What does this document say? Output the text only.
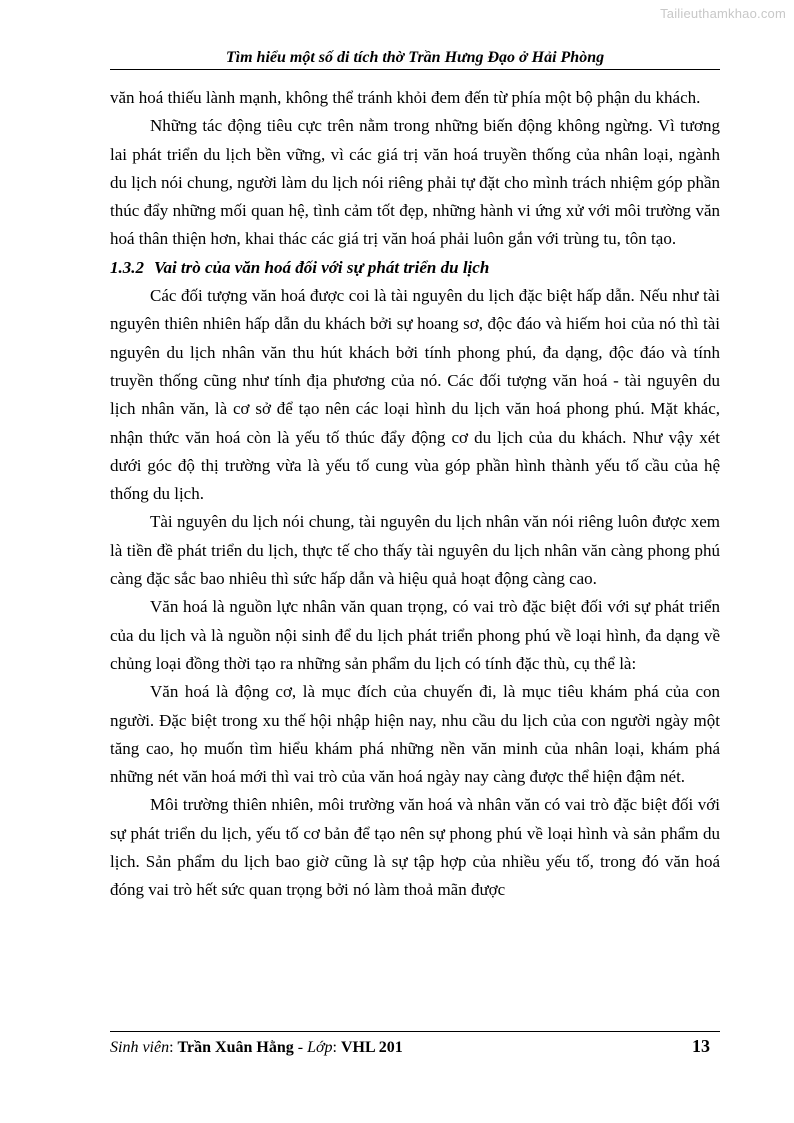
Tailieuthamkhao.com
Tìm hiểu một số di tích thờ Trần Hưng Đạo ở Hải Phòng

văn hoá thiếu lành mạnh, không thể tránh khỏi đem đến từ phía một bộ phận du khách.

Những tác động tiêu cực trên nằm trong những biến động không ngừng. Vì tương lai phát triển du lịch bền vững, vì các giá trị văn hoá truyền thống của nhân loại, ngành du lịch nói chung, người làm du lịch nói riêng phải tự đặt cho mình trách nhiệm góp phần thúc đẩy những mối quan hệ, tình cảm tốt đẹp, những hành vi ứng xử với môi trường văn hoá thân thiện hơn, khai thác các giá trị văn hoá phải luôn gắn với trùng tu, tôn tạo.

1.3.2 Vai trò của văn hoá đối với sự phát triển du lịch

Các đối tượng văn hoá được coi là tài nguyên du lịch đặc biệt hấp dẫn. Nếu như tài nguyên thiên nhiên hấp dẫn du khách bởi sự hoang sơ, độc đáo và hiếm hoi của nó thì tài nguyên du lịch nhân văn thu hút khách bởi tính phong phú, đa dạng, độc đáo và tính truyền thống cũng như tính địa phương của nó. Các đối tượng văn hoá - tài nguyên du lịch nhân văn, là cơ sở để tạo nên các loại hình du lịch văn hoá phong phú. Mặt khác, nhận thức văn hoá còn là yếu tố thúc đẩy động cơ du lịch của du khách. Như vậy xét dưới góc độ thị trường vừa là yếu tố cung vùa góp phần hình thành yếu tố cầu của hệ thống du lịch.

Tài nguyên du lịch nói chung, tài nguyên du lịch nhân văn nói riêng luôn được xem là tiền đề phát triển du lịch, thực tế cho thấy tài nguyên du lịch nhân văn càng phong phú càng đặc sắc bao nhiêu thì sức hấp dẫn và hiệu quả hoạt động càng cao.

Văn hoá là nguồn lực nhân văn quan trọng, có vai trò đặc biệt đối với sự phát triển của du lịch và là nguồn nội sinh để du lịch phát triển phong phú về loại hình, đa dạng về chủng loại đồng thời tạo ra những sản phẩm du lịch có tính đặc thù, cụ thể là:

Văn hoá là động cơ, là mục đích của chuyến đi, là mục tiêu khám phá của con người. Đặc biệt trong xu thế hội nhập hiện nay, nhu cầu du lịch của con người ngày một tăng cao, họ muốn tìm hiểu khám phá những nền văn minh của nhân loại, khám phá những nét văn hoá mới thì vai trò của văn hoá ngày nay càng được thể hiện đậm nét.

Môi trường thiên nhiên, môi trường văn hoá và nhân văn có vai trò đặc biệt đối với sự phát triển du lịch, yếu tố cơ bản để tạo nên sự phong phú về loại hình và sản phẩm du lịch. Sản phẩm du lịch bao giờ cũng là sự tập hợp của nhiều yếu tố, trong đó văn hoá đóng vai trò hết sức quan trọng bởi nó làm thoả mãn được

Sinh viên: Trần Xuân Hằng - Lớp: VHL 201	13
